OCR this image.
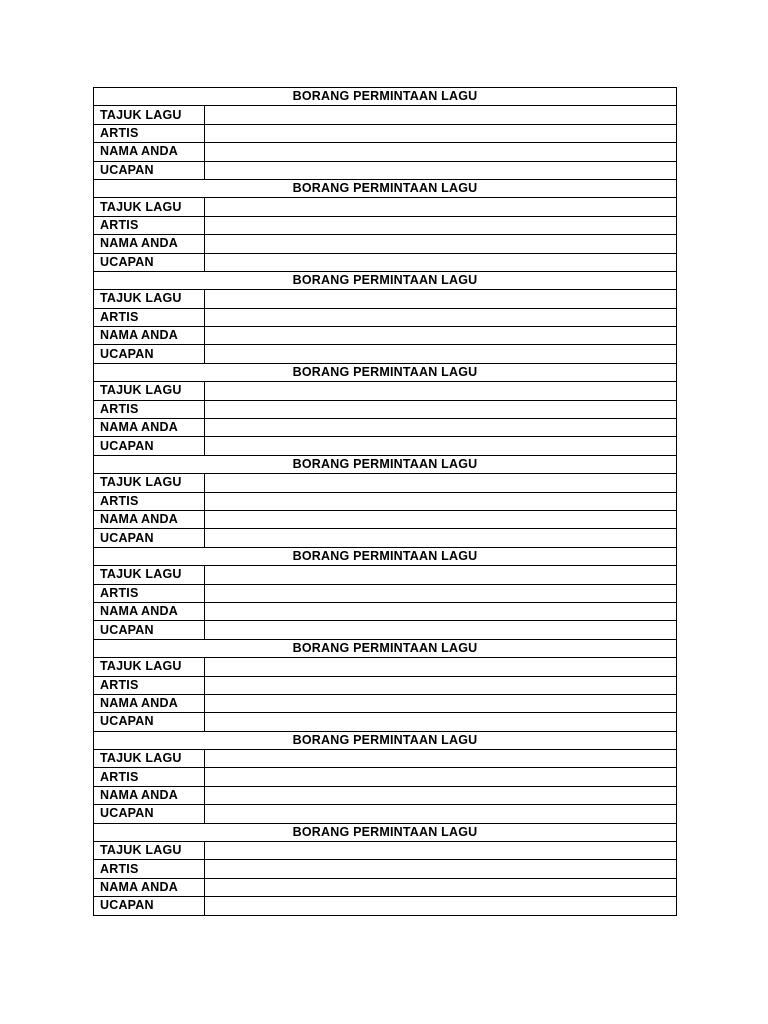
BORANG PERMINTAAN LAGU	
TAJUK LAGU	
ARTIS	
NAMA ANDA	
UCAPAN	
BORANG PERMINTAAN LAGU	
TAJUK LAGU	
ARTIS	
NAMA ANDA	
UCAPAN	
BORANG PERMINTAAN LAGU	
TAJUK LAGU	
ARTIS	
NAMA ANDA	
UCAPAN	
BORANG PERMINTAAN LAGU	
TAJUK LAGU	
ARTIS	
NAMA ANDA	
UCAPAN	
BORANG PERMINTAAN LAGU	
TAJUK LAGU	
ARTIS	
NAMA ANDA	
UCAPAN	
BORANG PERMINTAAN LAGU	
TAJUK LAGU	
ARTIS	
NAMA ANDA	
UCAPAN	
BORANG PERMINTAAN LAGU	
TAJUK LAGU	
ARTIS	
NAMA ANDA	
UCAPAN	
BORANG PERMINTAAN LAGU	
TAJUK LAGU	
ARTIS	
NAMA ANDA	
UCAPAN	
BORANG PERMINTAAN LAGU	
TAJUK LAGU	
ARTIS	
NAMA ANDA	
UCAPAN	
